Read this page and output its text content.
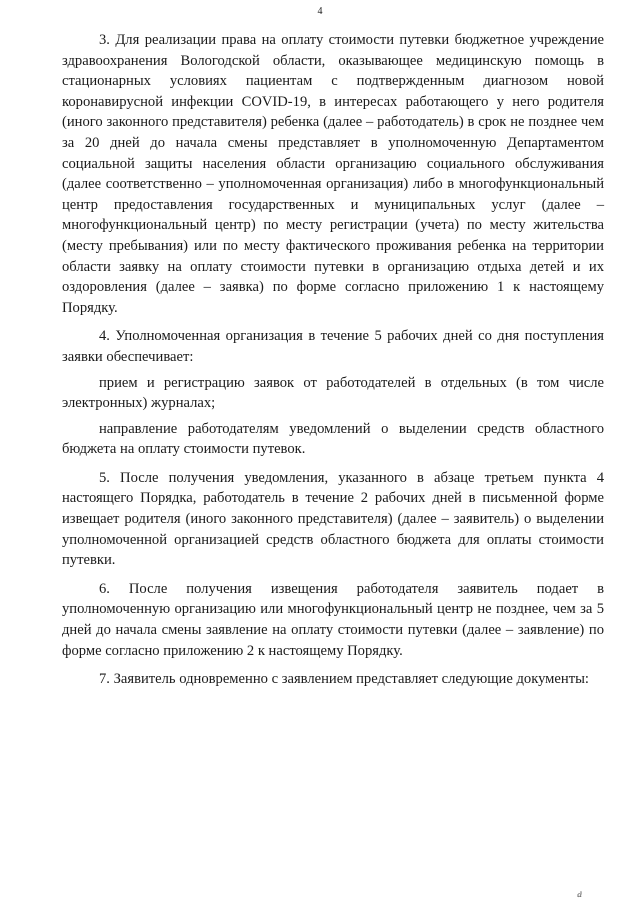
4

3. Для реализации права на оплату стоимости путевки бюджетное учреждение здравоохранения Вологодской области, оказывающее медицинскую помощь в стационарных условиях пациентам с подтвержденным диагнозом новой коронавирусной инфекции COVID-19, в интересах работающего у него родителя (иного законного представителя) ребенка (далее – работодатель) в срок не позднее чем за 20 дней до начала смены представляет в уполномоченную Департаментом социальной защиты населения области организацию социального обслуживания (далее соответственно – уполномоченная организация) либо в многофункциональный центр предоставления государственных и муниципальных услуг (далее – многофункциональный центр) по месту регистрации (учета) по месту жительства (месту пребывания) или по месту фактического проживания ребенка на территории области заявку на оплату стоимости путевки в организацию отдыха детей и их оздоровления (далее – заявка) по форме согласно приложению 1 к настоящему Порядку.

4. Уполномоченная организация в течение 5 рабочих дней со дня поступления заявки обеспечивает:

прием и регистрацию заявок от работодателей в отдельных (в том числе электронных) журналах;

направление работодателям уведомлений о выделении средств областного бюджета на оплату стоимости путевок.

5. После получения уведомления, указанного в абзаце третьем пункта 4 настоящего Порядка, работодатель в течение 2 рабочих дней в письменной форме извещает родителя (иного законного представителя) (далее – заявитель) о выделении уполномоченной организацией средств областного бюджета для оплаты стоимости путевки.

6. После получения извещения работодателя заявитель подает в уполномоченную организацию или многофункциональный центр не позднее, чем за 5 дней до начала смены заявление на оплату стоимости путевки (далее – заявление) по форме согласно приложению 2 к настоящему Порядку.

7. Заявитель одновременно с заявлением представляет следующие документы:

ⅆ
